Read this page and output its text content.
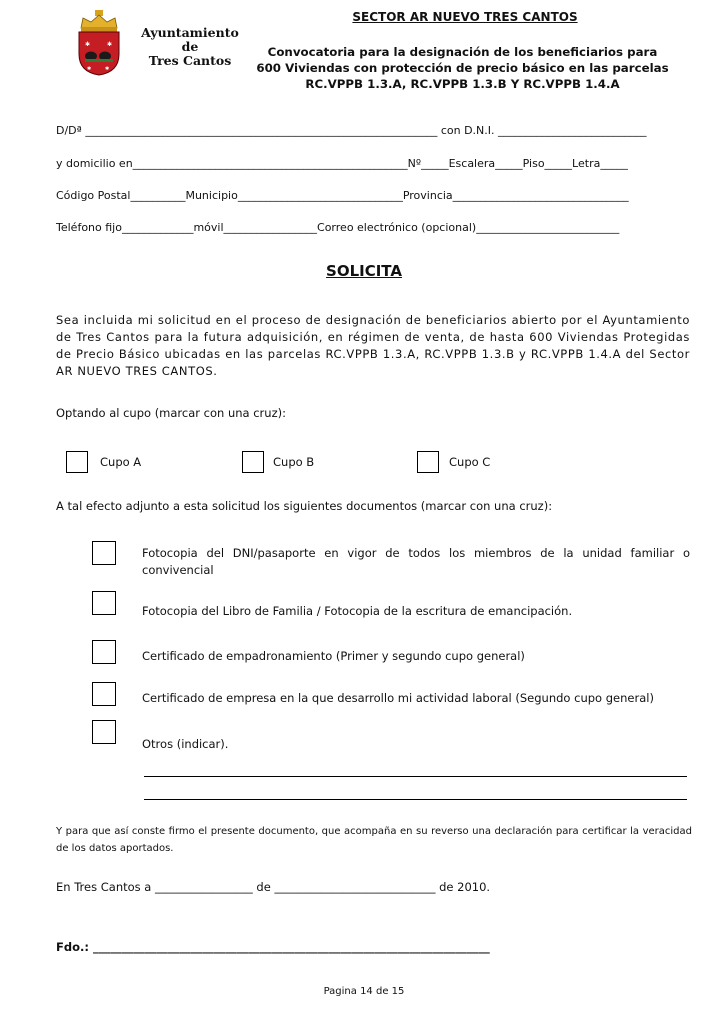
✱	✱
✱	✱
Ayuntamiento
de
Tres Cantos
SECTOR AR NUEVO TRES CANTOS
Convocatoria para la designación de los beneficiarios para
600 Viviendas con protección de precio básico en las parcelas
RC.VPPB 1.3.A, RC.VPPB 1.3.B Y RC.VPPB 1.4.A
D/Dª ________________________________________________________________ con D.N.I. ___________________________
y domicilio en__________________________________________________Nº_____Escalera_____Piso_____Letra_____
Código Postal__________Municipio______________________________Provincia________________________________
Teléfono fijo_____________móvil_________________Correo electrónico (opcional)__________________________
SOLICITA
Sea incluida mi solicitud en el proceso de designación de beneficiarios abierto por el Ayuntamiento de Tres Cantos para la futura adquisición, en régimen de venta, de hasta 600 Viviendas Protegidas de Precio Básico ubicadas en las parcelas RC.VPPB 1.3.A, RC.VPPB 1.3.B y RC.VPPB 1.4.A del Sector AR NUEVO TRES CANTOS.
Optando al cupo (marcar con una cruz):
Cupo A	Cupo B	Cupo C
A tal efecto adjunto a esta solicitud los siguientes documentos (marcar con una cruz):
Fotocopia del DNI/pasaporte en vigor de todos los miembros de la unidad familiar o convivencial
Fotocopia del Libro de Familia / Fotocopia de la escritura de emancipación.
Certificado de empadronamiento (Primer y segundo cupo general)
Certificado de empresa en la que desarrollo mi actividad laboral (Segundo cupo general)
Otros (indicar).
Y para que así conste firmo el presente documento, que acompaña en su reverso una declaración para certificar la veracidad de los datos aportados.
En Tres Cantos a _________________ de ____________________________ de 2010.
Fdo.: _____________________________________________________________________
Pagina 14 de 15
